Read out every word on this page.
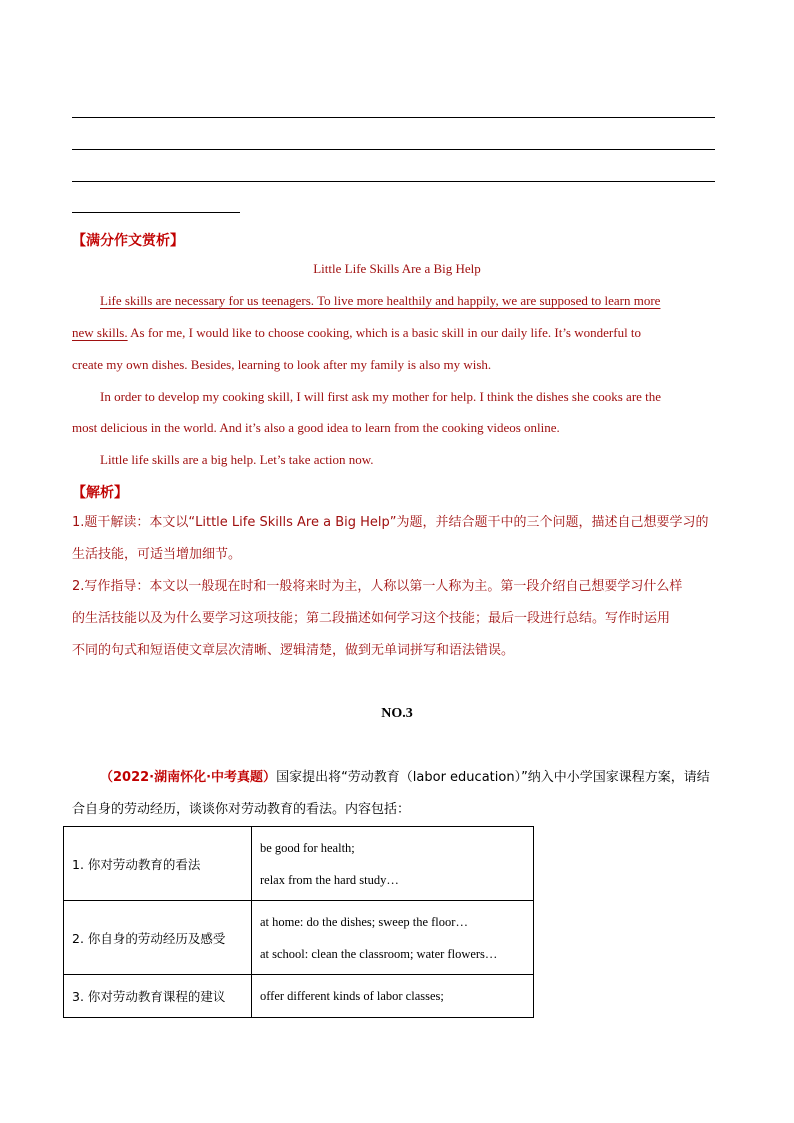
【满分作文赏析】
Little Life Skills Are a Big Help
Life skills are necessary for us teenagers. To live more healthily and happily, we are supposed to learn more
new skills. As for me, I would like to choose cooking, which is a basic skill in our daily life. It’s wonderful to
create my own dishes. Besides, learning to look after my family is also my wish.
In order to develop my cooking skill, I will first ask my mother for help. I think the dishes she cooks are the
most delicious in the world. And it’s also a good idea to learn from the cooking videos online.
Little life skills are a big help. Let’s take action now.
【解析】
1.题干解读：本文以“Little Life Skills Are a Big Help”为题，并结合题干中的三个问题，描述自己想要学习的
生活技能，可适当增加细节。
2.写作指导：本文以一般现在时和一般将来时为主，人称以第一人称为主。第一段介绍自己想要学习什么样
的生活技能以及为什么要学习这项技能；第二段描述如何学习这个技能；最后一段进行总结。写作时运用
不同的句式和短语使文章层次清晰、逻辑清楚，做到无单词拼写和语法错误。
NO.3
（2022·湖南怀化·中考真题）国家提出将“劳动教育（labor education）”纳入中小学国家课程方案，请结
合自身的劳动经历，谈谈你对劳动教育的看法。内容包括：
1. 你对劳动教育的看法	be good for health;
relax from the hard study…

2. 你自身的劳动经历及感受	at home: do the dishes; sweep the floor…
at school: clean the classroom; water flowers…

3. 你对劳动教育课程的建议	offer different kinds of labor classes;
